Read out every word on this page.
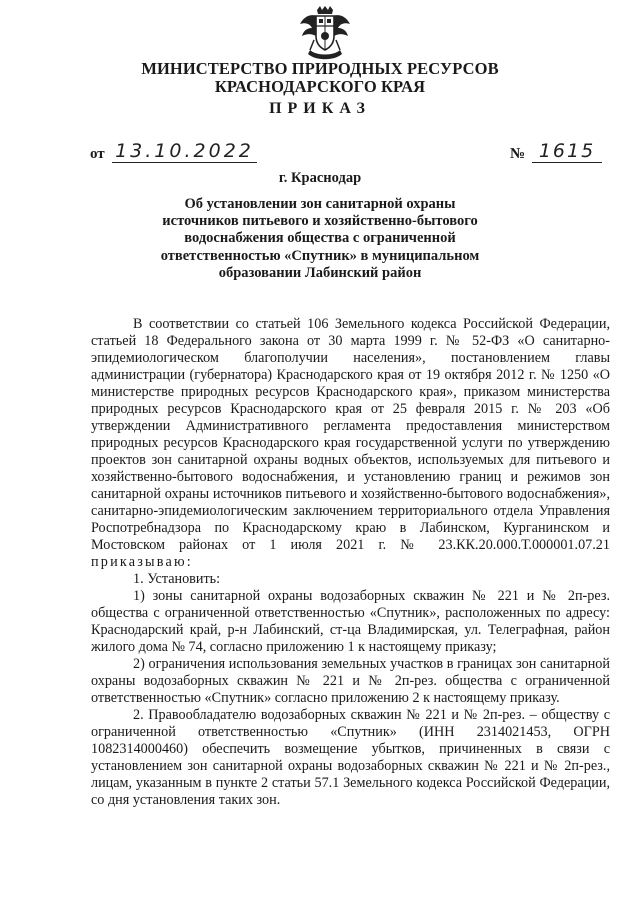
МИНИСТЕРСТВО ПРИРОДНЫХ РЕСУРСОВ
КРАСНОДАРСКОГО КРАЯ
ПРИКАЗ
от 13.10.2022	№ 1615
г. Краснодар
Об установлении зон санитарной охраны
источников питьевого и хозяйственно-бытового
водоснабжения общества с ограниченной
ответственностью «Спутник» в муниципальном
образовании Лабинский район

В соответствии со статьей 106 Земельного кодекса Российской Федерации, статьей 18 Федерального закона от 30 марта 1999 г. № 52-ФЗ «О санитарно-эпидемиологическом благополучии населения», постановлением главы администрации (губернатора) Краснодарского края от 19 октября 2012 г. № 1250 «О министерстве природных ресурсов Краснодарского края», приказом министерства природных ресурсов Краснодарского края от 25 февраля 2015 г. № 203 «Об утверждении Административного регламента предоставления министерством природных ресурсов Краснодарского края государственной услуги по утверждению проектов зон санитарной охраны водных объектов, используемых для питьевого и хозяйственно-бытового водоснабжения, и установлению границ и режимов зон санитарной охраны источников питьевого и хозяйственно-бытового водоснабжения», санитарно-эпидемиологическим заключением территориального отдела Управления Роспотребнадзора по Краснодарскому краю в Лабинском, Курганинском и Мостовском районах от 1 июля 2021 г. № 23.КК.20.000.Т.000001.07.21 приказываю:

1. Установить:

1) зоны санитарной охраны водозаборных скважин № 221 и № 2п-рез. общества с ограниченной ответственностью «Спутник», расположенных по адресу: Краснодарский край, р-н Лабинский, ст-ца Владимирская, ул. Телеграфная, район жилого дома № 74, согласно приложению 1 к настоящему приказу;

2) ограничения использования земельных участков в границах зон санитарной охраны водозаборных скважин № 221 и № 2п-рез. общества с ограниченной ответственностью «Спутник» согласно приложению 2 к настоящему приказу.

2. Правообладателю водозаборных скважин № 221 и № 2п-рез. – обществу с ограниченной ответственностью «Спутник» (ИНН 2314021453, ОГРН 1082314000460) обеспечить возмещение убытков, причиненных в связи с установлением зон санитарной охраны водозаборных скважин № 221 и № 2п-рез., лицам, указанным в пункте 2 статьи 57.1 Земельного кодекса Российской Федерации, со дня установления таких зон.
